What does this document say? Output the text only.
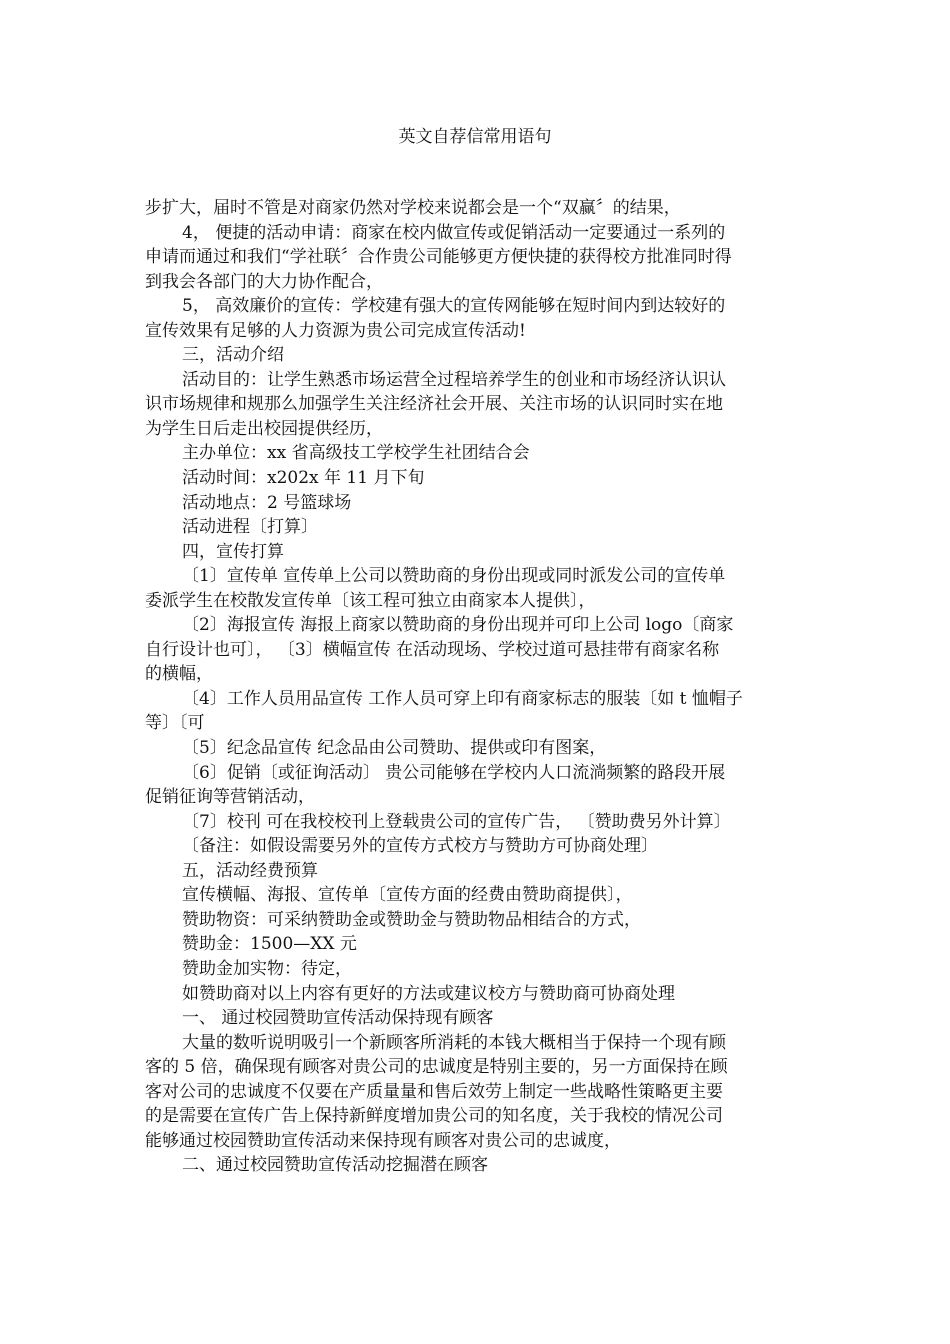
英文自荐信常用语句

步扩大，届时不管是对商家仍然对学校来说都会是一个“双赢〞的结果，

4， 便捷的活动申请：商家在校内做宣传或促销活动一定要通过一系列的

申请而通过和我们“学社联〞合作贵公司能够更方便快捷的获得校方批准同时得

到我会各部门的大力协作配合，

5， 高效廉价的宣传：学校建有强大的宣传网能够在短时间内到达较好的

宣传效果有足够的人力资源为贵公司完成宣传活动!

三，活动介绍

活动目的：让学生熟悉市场运营全过程培养学生的创业和市场经济认识认

识市场规律和规那么加强学生关注经济社会开展、关注市场的认识同时实在地

为学生日后走出校园提供经历，

主办单位：xx 省高级技工学校学生社团结合会

活动时间：x202x 年 11 月下旬

活动地点：2 号篮球场

活动进程〔打算〕

四，宣传打算

〔1〕宣传单 宣传单上公司以赞助商的身份出现或同时派发公司的宣传单

委派学生在校散发宣传单〔该工程可独立由商家本人提供〕，

〔2〕海报宣传 海报上商家以赞助商的身份出现并可印上公司 logo〔商家

自行设计也可〕， 〔3〕横幅宣传 在活动现场、学校过道可悬挂带有商家名称

的横幅，

〔4〕工作人员用品宣传 工作人员可穿上印有商家标志的服装〔如 t 恤帽子

等〕〔可

〔5〕纪念品宣传 纪念品由公司赞助、提供或印有图案，

〔6〕促销〔或征询活动〕 贵公司能够在学校内人口流淌频繁的路段开展

促销征询等营销活动，

〔7〕校刊 可在我校校刊上登载贵公司的宣传广告， 〔赞助费另外计算〕

〔备注：如假设需要另外的宣传方式校方与赞助方可协商处理〕

五，活动经费预算

宣传横幅、海报、宣传单〔宣传方面的经费由赞助商提供〕，

赞助物资：可采纳赞助金或赞助金与赞助物品相结合的方式，

赞助金：1500—XX 元

赞助金加实物：待定，

如赞助商对以上内容有更好的方法或建议校方与赞助商可协商处理

一、 通过校园赞助宣传活动保持现有顾客

大量的数听说明吸引一个新顾客所消耗的本钱大概相当于保持一个现有顾

客的 5 倍，确保现有顾客对贵公司的忠诚度是特别主要的，另一方面保持在顾

客对公司的忠诚度不仅要在产质量量和售后效劳上制定一些战略性策略更主要

的是需要在宣传广告上保持新鲜度增加贵公司的知名度，关于我校的情况公司

能够通过校园赞助宣传活动来保持现有顾客对贵公司的忠诚度，

二、通过校园赞助宣传活动挖掘潜在顾客
